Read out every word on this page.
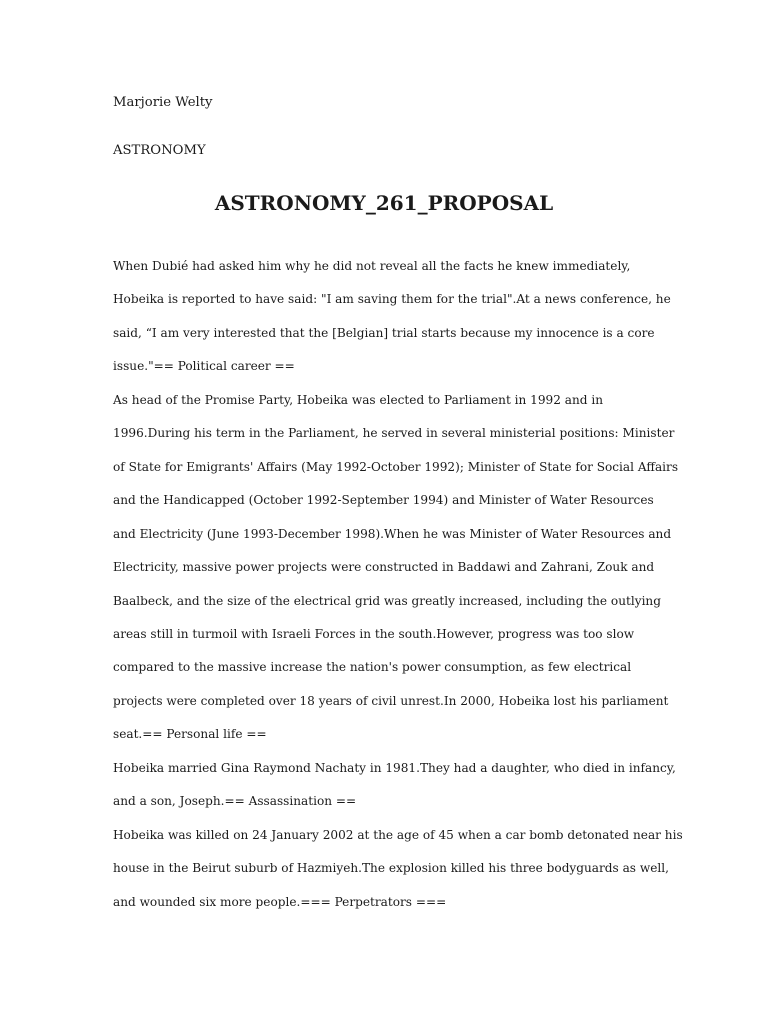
Marjorie Welty
ASTRONOMY
ASTRONOMY_261_PROPOSAL
When Dubié had asked him why he did not reveal all the facts he knew immediately,
Hobeika is reported to have said: "I am saving them for the trial".At a news conference, he
said, “I am very interested that the [Belgian] trial starts because my innocence is a core
issue."== Political career ==
As head of the Promise Party, Hobeika was elected to Parliament in 1992 and in
1996.During his term in the Parliament, he served in several ministerial positions: Minister
of State for Emigrants' Affairs (May 1992-October 1992); Minister of State for Social Affairs
and the Handicapped (October 1992-September 1994) and Minister of Water Resources
and Electricity (June 1993-December 1998).When he was Minister of Water Resources and
Electricity, massive power projects were constructed in Baddawi and Zahrani, Zouk and
Baalbeck, and the size of the electrical grid was greatly increased, including the outlying
areas still in turmoil with Israeli Forces in the south.However, progress was too slow
compared to the massive increase the nation's power consumption, as few electrical
projects were completed over 18 years of civil unrest.In 2000, Hobeika lost his parliament
seat.== Personal life ==
Hobeika married Gina Raymond Nachaty in 1981.They had a daughter, who died in infancy,
and a son, Joseph.== Assassination ==
Hobeika was killed on 24 January 2002 at the age of 45 when a car bomb detonated near his
house in the Beirut suburb of Hazmiyeh.The explosion killed his three bodyguards as well,
and wounded six more people.=== Perpetrators ===
